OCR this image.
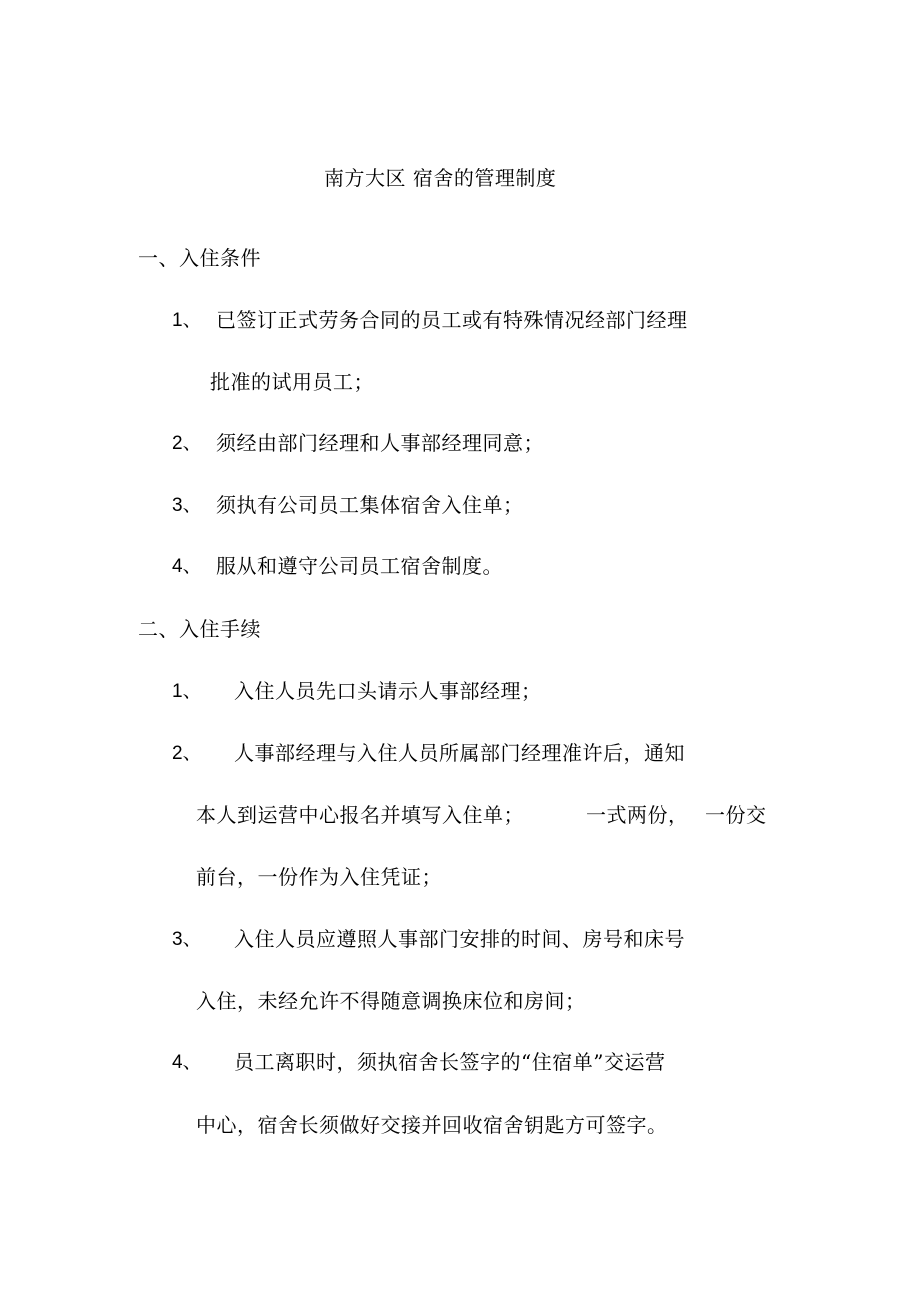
南方大区 宿舍的管理制度
一、入住条件
1、 已签订正式劳务合同的员工或有特殊情况经部门经理
批准的试用员工；
2、 须经由部门经理和人事部经理同意；
3、 须执有公司员工集体宿舍入住单；
4、 服从和遵守公司员工宿舍制度。
二、入住手续
1、 入住人员先口头请示人事部经理；
2、 人事部经理与入住人员所属部门经理准许后，通知
本人到运营中心报名并填写入住单；	一式两份， 一份交
前台，一份作为入住凭证；
3、 入住人员应遵照人事部门安排的时间、房号和床号
入住，未经允许不得随意调换床位和房间；
4、 员工离职时，须执宿舍长签字的“住宿单”交运营
中心，宿舍长须做好交接并回收宿舍钥匙方可签字。
